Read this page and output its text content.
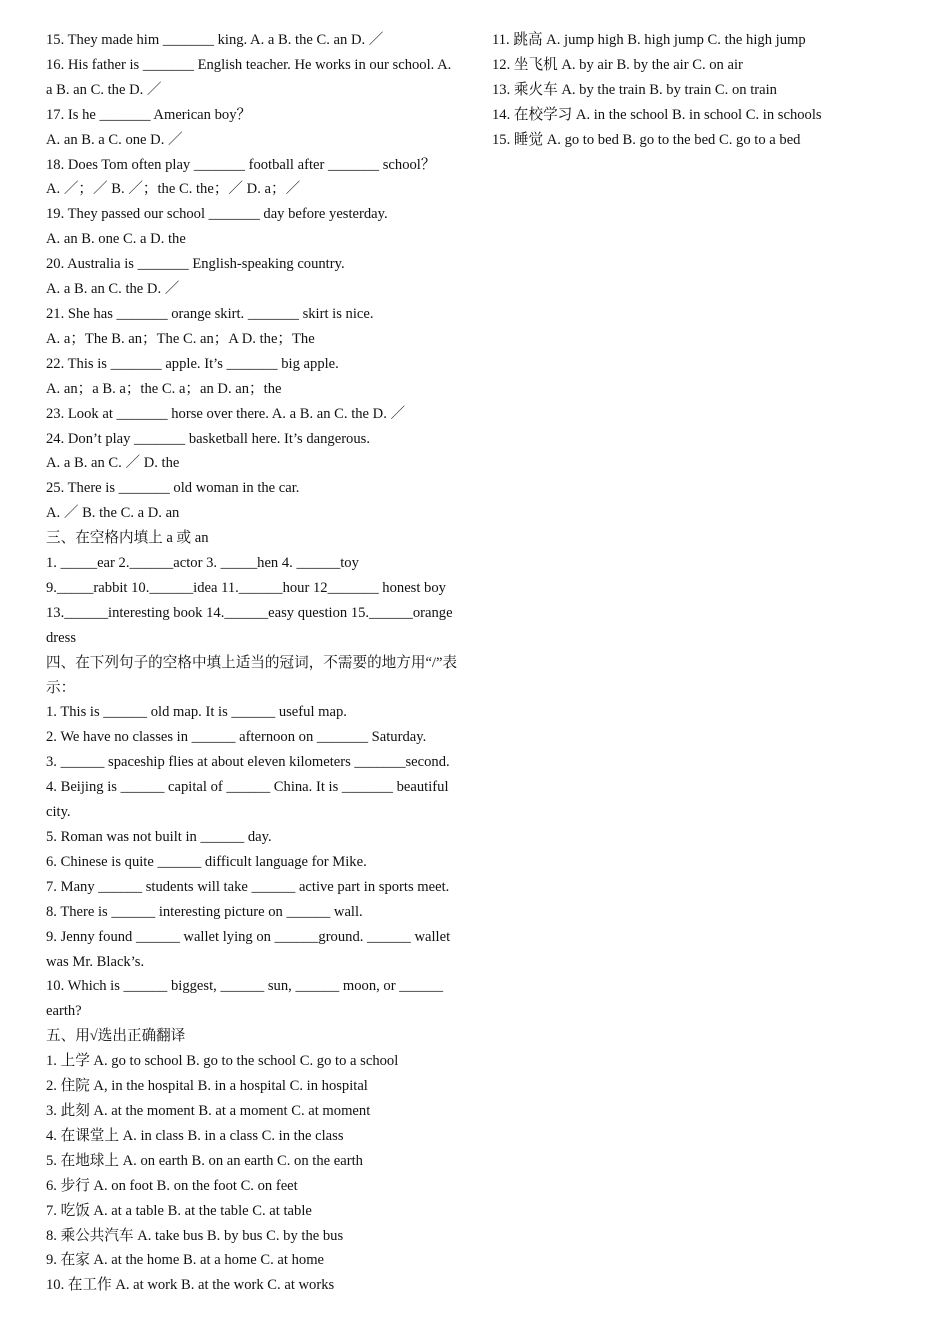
15. They made him _______ king. A. a B. the C. an D. ／

16. His father is _______ English teacher. He works in our school. A. a B. an C. the D. ／

17. Is he _______ American boy？

A. an B. a C. one D. ／

18. Does Tom often play _______ football after _______ school？

A. ／；／ B. ／；the C. the；／ D. a；／

19. They passed our school _______ day before yesterday.

A. an B. one C. a D. the

20. Australia is _______ English-speaking country.

A. a B. an C. the D. ／

21. She has _______ orange skirt. _______ skirt is nice.

A. a；The B. an；The C. an；A D. the；The

22. This is _______ apple. It’s _______ big apple.

A. an；a B. a；the C. a；an D. an；the

23. Look at _______ horse over there. A. a B. an C. the D. ／

24. Don’t play _______ basketball here. It’s dangerous.

A. a B. an C. ／ D. the

25. There is _______ old woman in the car.

A. ／ B. the C. a D. an

三、在空格内填上 a 或 an

1. _____ear 2.______actor 3. _____hen 4. ______toy

9._____rabbit 10.______idea 11.______hour 12_______ honest boy

13.______interesting book 14.______easy question 15.______orange dress

四、在下列句子的空格中填上适当的冠词，不需要的地方用“/”表示：

1. This is ______ old map. It is ______ useful map.

2. We have no classes in ______ afternoon on _______ Saturday.

3. ______ spaceship flies at about eleven kilometers _______second.

4. Beijing is ______ capital of ______ China. It is _______ beautiful city.

5. Roman was not built in ______ day.

6. Chinese is quite ______ difficult language for Mike.

7. Many ______ students will take ______ active part in sports meet.

8. There is ______ interesting picture on ______ wall.

9. Jenny found ______ wallet lying on ______ground. ______ wallet was Mr. Black’s.

10. Which is ______ biggest, ______ sun, ______ moon, or ______ earth?

五、用√选出正确翻译

1. 上学 A. go to school B. go to the school C. go to a school

2. 住院 A, in the hospital B. in a hospital C. in hospital

3. 此刻 A. at the moment B. at a moment C. at moment

4. 在课堂上 A. in class B. in a class C. in the class

5. 在地球上 A. on earth B. on an earth C. on the earth

6. 步行 A. on foot B. on the foot C. on feet

7. 吃饭 A. at a table B. at the table C. at table

8. 乘公共汽车 A. take bus B. by bus C. by the bus

9. 在家 A. at the home B. at a home C. at home

10. 在工作 A. at work B. at the work C. at works

11. 跳高 A. jump high B. high jump C. the high jump

12. 坐飞机 A. by air B. by the air C. on air

13. 乘火车 A. by the train B. by train C. on train

14. 在校学习 A. in the school B. in school C. in schools

15. 睡觉 A. go to bed B. go to the bed C. go to a bed
